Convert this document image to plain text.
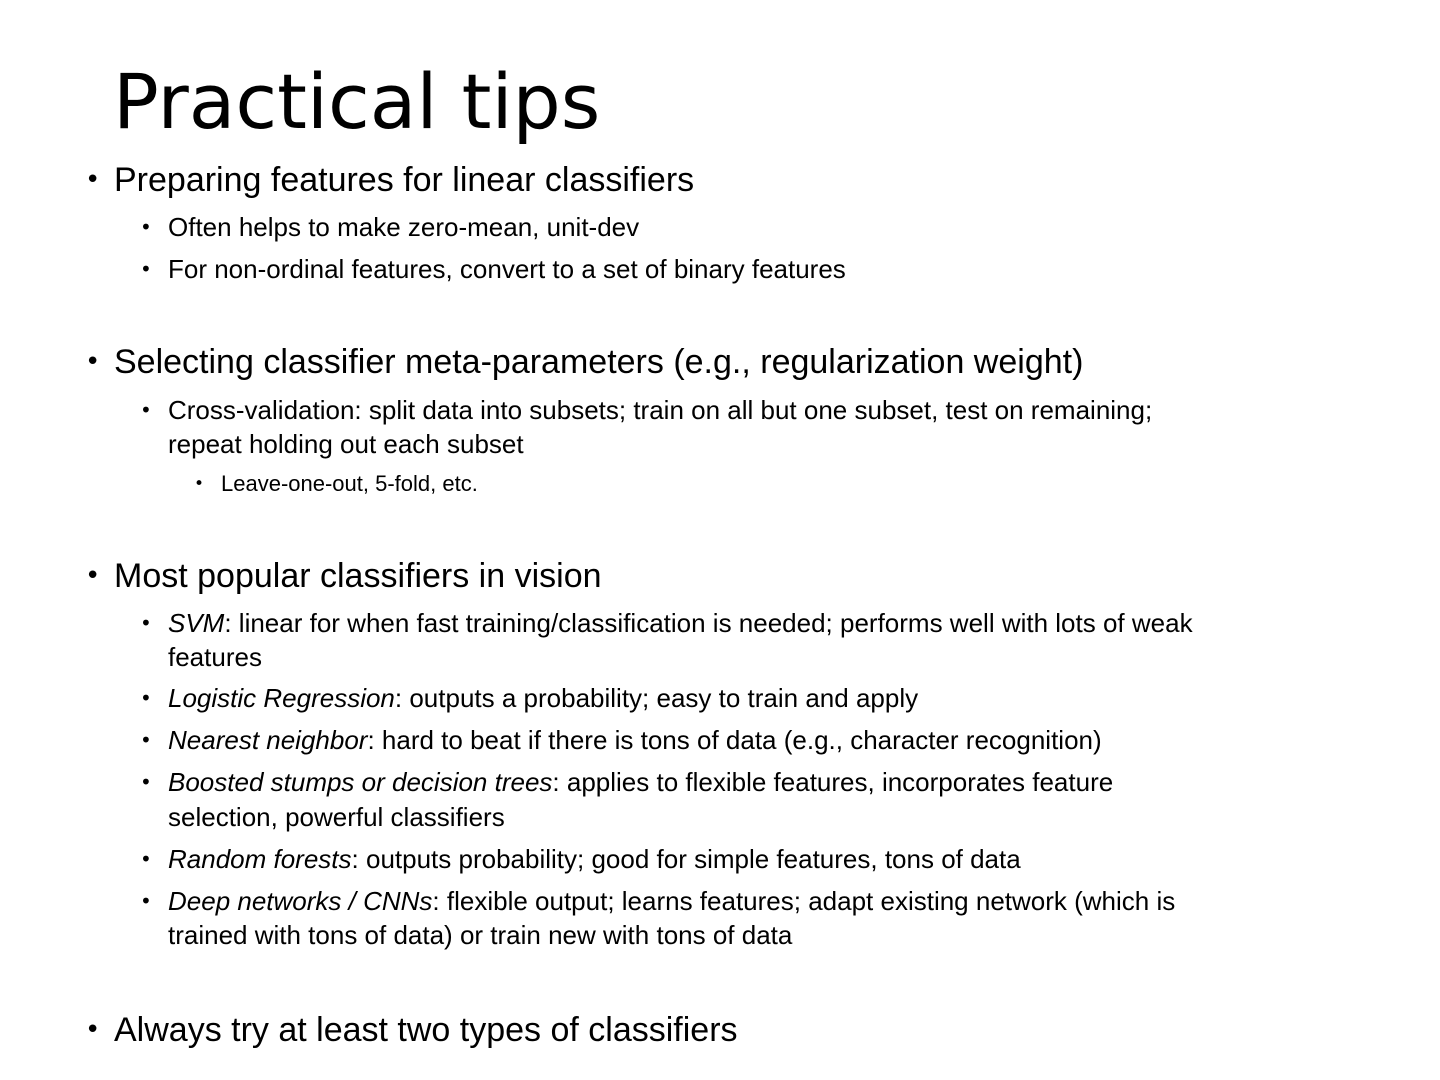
Practical tips
• Preparing features for linear classifiers

• Often helps to make zero-mean, unit-dev

• For non-ordinal features, convert to a set of binary features

• Selecting classifier meta-parameters (e.g., regularization weight)

• Cross-validation: split data into subsets; train on all but one subset, test on remaining;

repeat holding out each subset

• Leave-one-out, 5-fold, etc.

• Most popular classifiers in vision

• SVM: linear for when fast training/classification is needed; performs well with lots of weak

features

• Logistic Regression: outputs a probability; easy to train and apply

• Nearest neighbor: hard to beat if there is tons of data (e.g., character recognition)

• Boosted stumps or decision trees: applies to flexible features, incorporates feature

selection, powerful classifiers

• Random forests: outputs probability; good for simple features, tons of data

• Deep networks / CNNs: flexible output; learns features; adapt existing network (which is

trained with tons of data) or train new with tons of data

• Always try at least two types of classifiers
